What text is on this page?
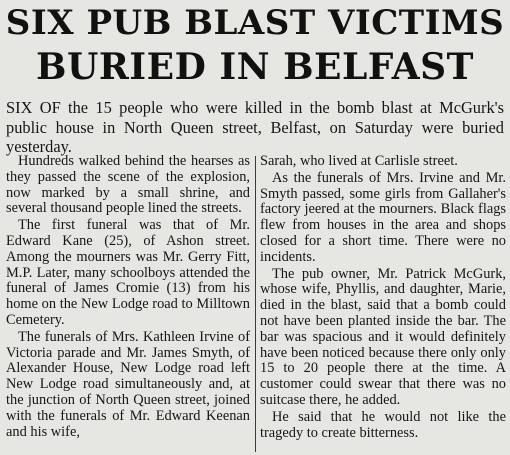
SIX PUB BLAST VICTIMS
BURIED IN BELFAST

SIX OF the 15 people who were killed in the bomb blast at McGurk's public house in North Queen street, Belfast, on Saturday were buried yesterday.

Hundreds walked behind the hearses as they passed the scene of the explosion, now marked by a small shrine, and several thousand people lined the streets.

The first funeral was that of Mr. Edward Kane (25), of Ashon street. Among the mourners was Mr. Gerry Fitt, M.P. Later, many schoolboys attended the funeral of James Cromie (13) from his home on the New Lodge road to Milltown Cemetery.

The funerals of Mrs. Kathleen Irvine of Victoria parade and Mr. James Smyth, of Alexander House, New Lodge road left New Lodge road simultaneously and, at the junction of North Queen street, joined with the funerals of Mr. Edward Keenan and his wife,

Sarah, who lived at Carlisle street.

As the funerals of Mrs. Irvine and Mr. Smyth passed, some girls from Gallaher's factory jeered at the mourners. Black flags flew from houses in the area and shops closed for a short time. There were no incidents.

The pub owner, Mr. Patrick McGurk, whose wife, Phyllis, and daughter, Marie, died in the blast, said that a bomb could not have been planted inside the bar. The bar was spacious and it would definitely have been noticed because there only only 15 to 20 people there at the time. A customer could swear that there was no suitcase there, he added.

He said that he would not like the tragedy to create bitterness.
